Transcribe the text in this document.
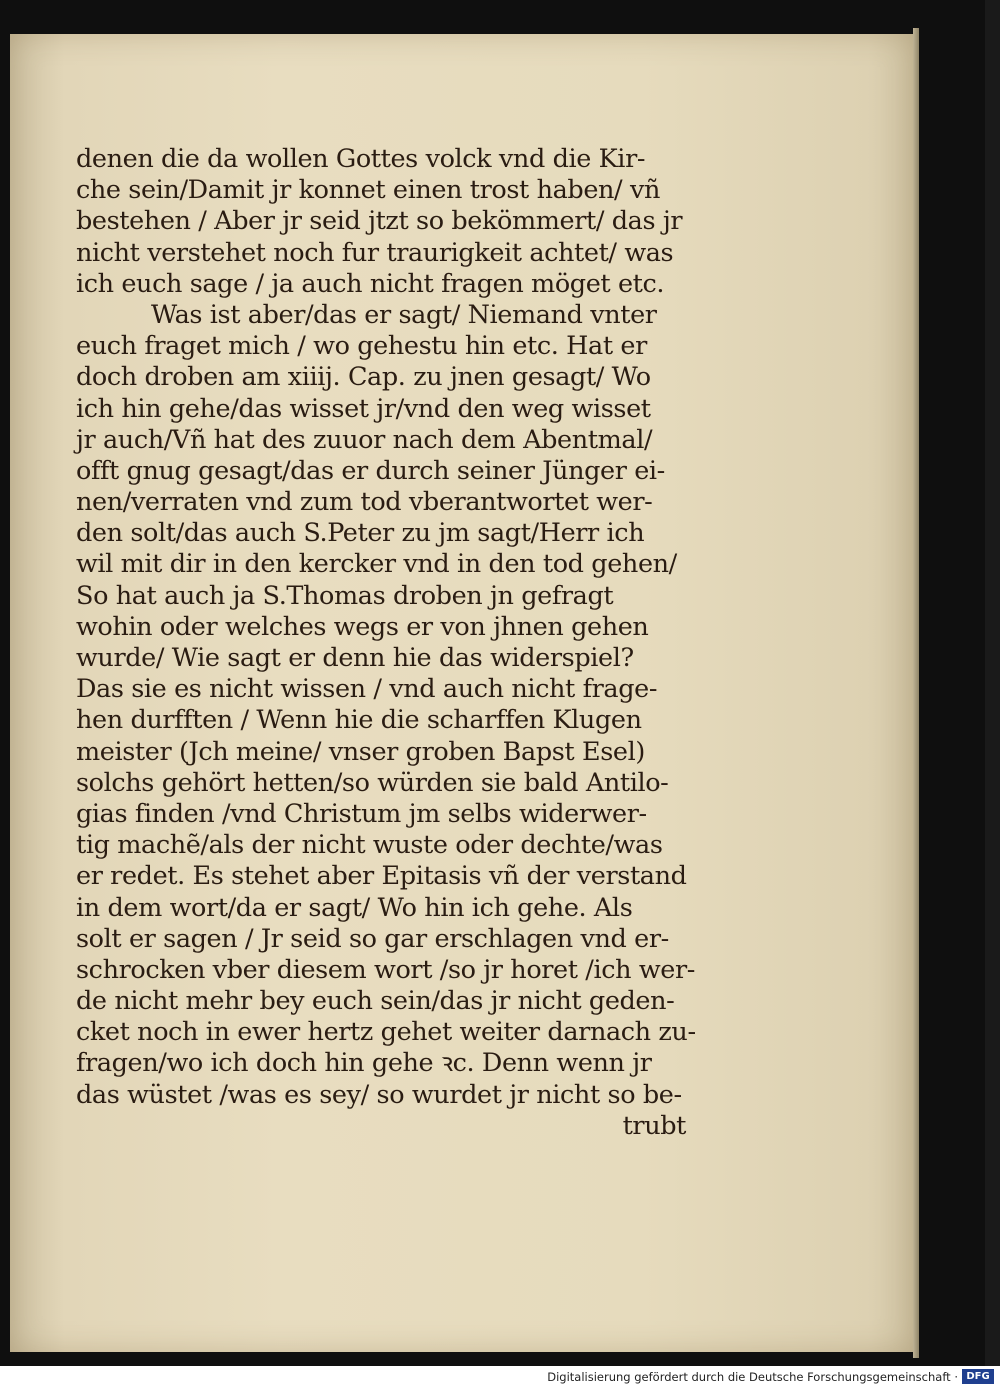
denen die da wollen Gottes volck vnd die Kir-
che sein/Damit jr konnet einen trost haben/ vñ
bestehen / Aber jr seid jtzt so bekömmert/ das jr
nicht verstehet noch fur traurigkeit achtet/ was
ich euch sage / ja auch nicht fragen möget etc.
Was ist aber/das er sagt/ Niemand vnter
euch fraget mich / wo gehestu hin etc. Hat er
doch droben am xiiij. Cap. zu jnen gesagt/ Wo
ich hin gehe/das wisset jr/vnd den weg wisset
jr auch/Vñ hat des zuuor nach dem Abentmal/
offt gnug gesagt/das er durch seiner Jünger ei-
nen/verraten vnd zum tod vberantwortet wer-
den solt/das auch S.Peter zu jm sagt/Herr ich
wil mit dir in den kercker vnd in den tod gehen/
So hat auch ja S.Thomas droben jn gefragt
wohin oder welches wegs er von jhnen gehen
wurde/ Wie sagt er denn hie das widerspiel?
Das sie es nicht wissen / vnd auch nicht frage-
hen durfften / Wenn hie die scharffen Klugen
meister (Jch meine/ vnser groben Bapst Esel)
solchs gehört hetten/so würden sie bald Antilo-
gias finden /vnd Christum jm selbs widerwer-
tig machẽ/als der nicht wuste oder dechte/was
er redet. Es stehet aber Epitasis vñ der verstand
in dem wort/da er sagt/ Wo hin ich gehe. Als
solt er sagen / Jr seid so gar erschlagen vnd er-
schrocken vber diesem wort /so jr horet /ich wer-
de nicht mehr bey euch sein/das jr nicht geden-
cket noch in ewer hertz gehet weiter darnach zu-
fragen/wo ich doch hin gehe ꝛc. Denn wenn jr
das wüstet /was es sey/ so wurdet jr nicht so be-
trubt
Digitalisierung gefördert durch die Deutsche Forschungsgemeinschaft · DFG
